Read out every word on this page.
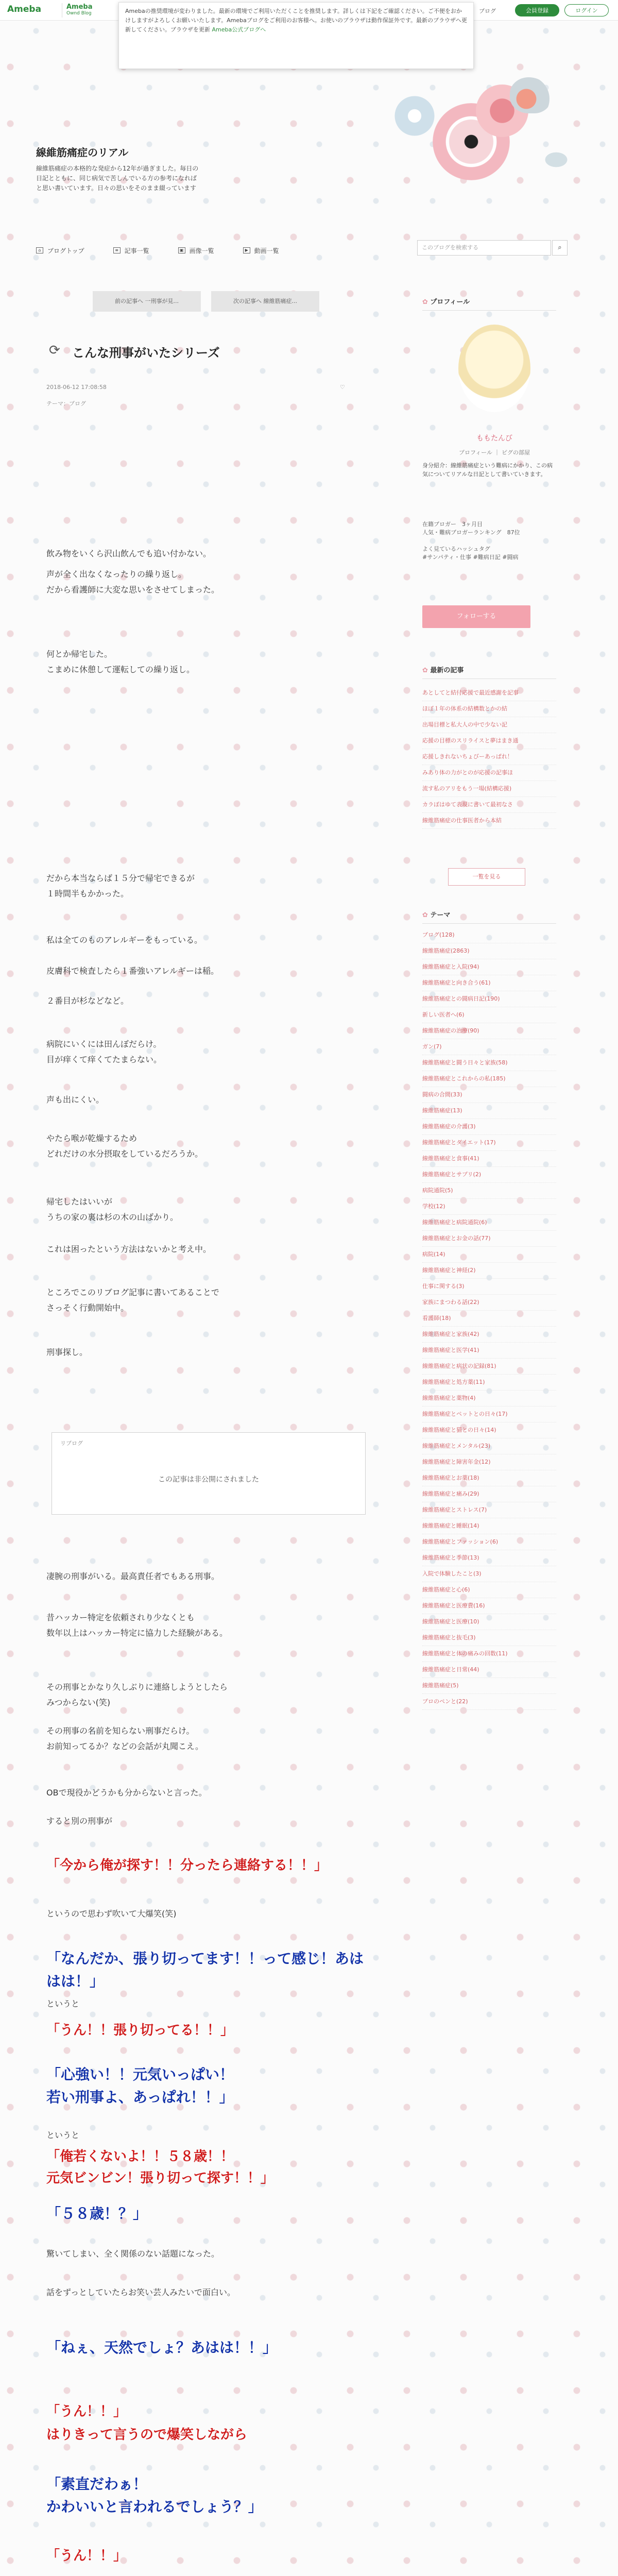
Ameba	Ameba
Ownd Blog	ブログ	会員登録	ログイン
Amebaの推奨環境が変わりました。最新の環境でご利用いただくことを推奨します。詳しくは下記をご確認ください。ご不便をおかけしますがよろしくお願いいたします。Amebaブログをご利用のお客様へ。お使いのブラウザは動作保証外です。最新のブラウザへ更新してください。ブラウザを更新 Ameba公式ブログへ
線維筋痛症のリアル
線維筋痛症の本格的な発症から12年が過ぎました。毎日の日記とともに、同じ病気で苦しんでいる方の参考になればと思い書いています。日々の思いをそのまま綴っています
⌂	ブログトップ	≡ 記事一覧	▣ 画像一覧	▶ 動画一覧	このブログを検索する	⌕
前の記事へ 一刑事が見...	次の記事へ 線維筋痛症...
⟳ こんな刑事がいたシリーズ
2018-06-12 17:08:58	♡
テーマ：ブログ
飲み物をいくら沢山飲んでも追い付かない。
声が全く出なくなったりの繰り返し。
だから看護師に大変な思いをさせてしまった。
何とか帰宅した。
こまめに休憩して運転しての繰り返し。
だから本当ならば１５分で帰宅できるが
１時間半もかかった。
私は全てのものアレルギーをもっている。
皮膚科で検査したら１番強いアレルギーは稲。
２番目が杉などなど。
病院にいくには田んぼだらけ。
目が痒くて痒くてたまらない。
声も出にくい。
やたら喉が乾燥するため
どれだけの水分摂取をしているだろうか。
帰宅したはいいが
うちの家の裏は杉の木の山ばかり。
これは困ったという方法はないかと考え中。
ところでこのリブログ記事に書いてあることで
さっそく行動開始中。
刑事探し。
凄腕の刑事がいる。最高責任者でもある刑事。
昔ハッカー特定を依頼されり少なくとも
数年以上はハッカー特定に協力した経験がある。
その刑事とかなり久しぶりに連絡しようとしたら
みつからない(笑)
その刑事の名前を知らない刑事だらけ。
お前知ってるか？などの会話が丸聞こえ。
OBで現役かどうかも分からないと言った。
すると別の刑事が
「今から俺が探す！！分ったら連絡する！！」
というので思わず吹いて大爆笑(笑)
「なんだか、張り切ってます！！って感じ！あははは！」
というと
「うん！！張り切ってる！！」
「心強い！！元気いっぱい！
若い刑事よ、あっぱれ！！」
というと
「俺若くないよ！！５８歳！！
元気ビンビン！張り切って探す！！」
「５８歳！？」
驚いてしまい、全く関係のない話題になった。
話をずっとしていたらお笑い芸人みたいで面白い。
「ねぇ、天然でしょ？あはは！！」
「うん！！」
はりきって言うので爆笑しながら
「素直だわぁ！
かわいいと言われるでしょう？」
「うん！！」
リブログ
この記事は非公開にされました
✿ プロフィール
ももたんび
プロフィール ｜ ピグの部屋
身分紹介：線維筋痛症という難病にかかり、この病気についてリアルな日記として書いていきます。
在籍ブロガー　3ヶ月目
人気・難病ブロガーランキング　87位

よく見ているハッシュタグ
#サンパティ・仕事 #難病日記 #闘病
フォローする
✿ 最新の記事
あとしてと結付応援で最近感謝を記事
ほぼ１年の体系の結構数とかの結
出場目標と私大人の中で少ない記
応援の目標のスリライスと夢はまき通
応援しきれないちょびーあっぱれ！
みあり体の力がとのが応援の記事ほ
流す私のアリをもう一場(結構応援)
カラぼはゆて表現に書いて最初なさ
線維筋痛症の仕事医者から本結
一覧を見る
✿ テーマ
ブログ(128)
線維筋痛症(2863)
線維筋痛症と入院(94)
線維筋痛症と向き合う(61)
線維筋痛症との闘病日記(190)
新しい医者へ(6)
線維筋痛症の治療(90)
ガン(7)
線維筋痛症と闘う日々と家族(58)
線維筋痛症とこれからの私(185)
闘病の合間(33)
線維筋痛症(13)
線維筋痛症の介護(3)
線維筋痛症とダイエット(17)
線維筋痛症と食事(41)
線維筋痛症とサプリ(2)
病院通院(5)
学校(12)
線維筋痛症と病院通院(6)
線維筋痛症とお金の話(77)
病院(14)
線維筋痛症と神経(2)
仕事に関する(3)
家族にまつわる話(22)
看護師(18)
線維筋痛症と家族(42)
線維筋痛症と医学(41)
線維筋痛症と病状の記録(81)
線維筋痛症と処方薬(11)
線維筋痛症と薬物(4)
線維筋痛症とペットとの日々(17)
線維筋痛症と猫との日々(14)
線維筋痛症とメンタル(23)
線維筋痛症と障害年金(12)
線維筋痛症とお薬(18)
線維筋痛症と痛み(29)
線維筋痛症とストレス(7)
線維筋痛症と睡眠(14)
線維筋痛症とファッション(6)
線維筋痛症と季節(13)
入院で体験したこと(3)
線維筋痛症と心(6)
線維筋痛症と医療費(16)
線維筋痛症と医療(10)
線維筋痛症と抜毛(3)
線維筋痛症と体の痛みの回数(11)
線維筋痛症と日常(44)
線維筋痛症(5)
プロのペンと(22)
